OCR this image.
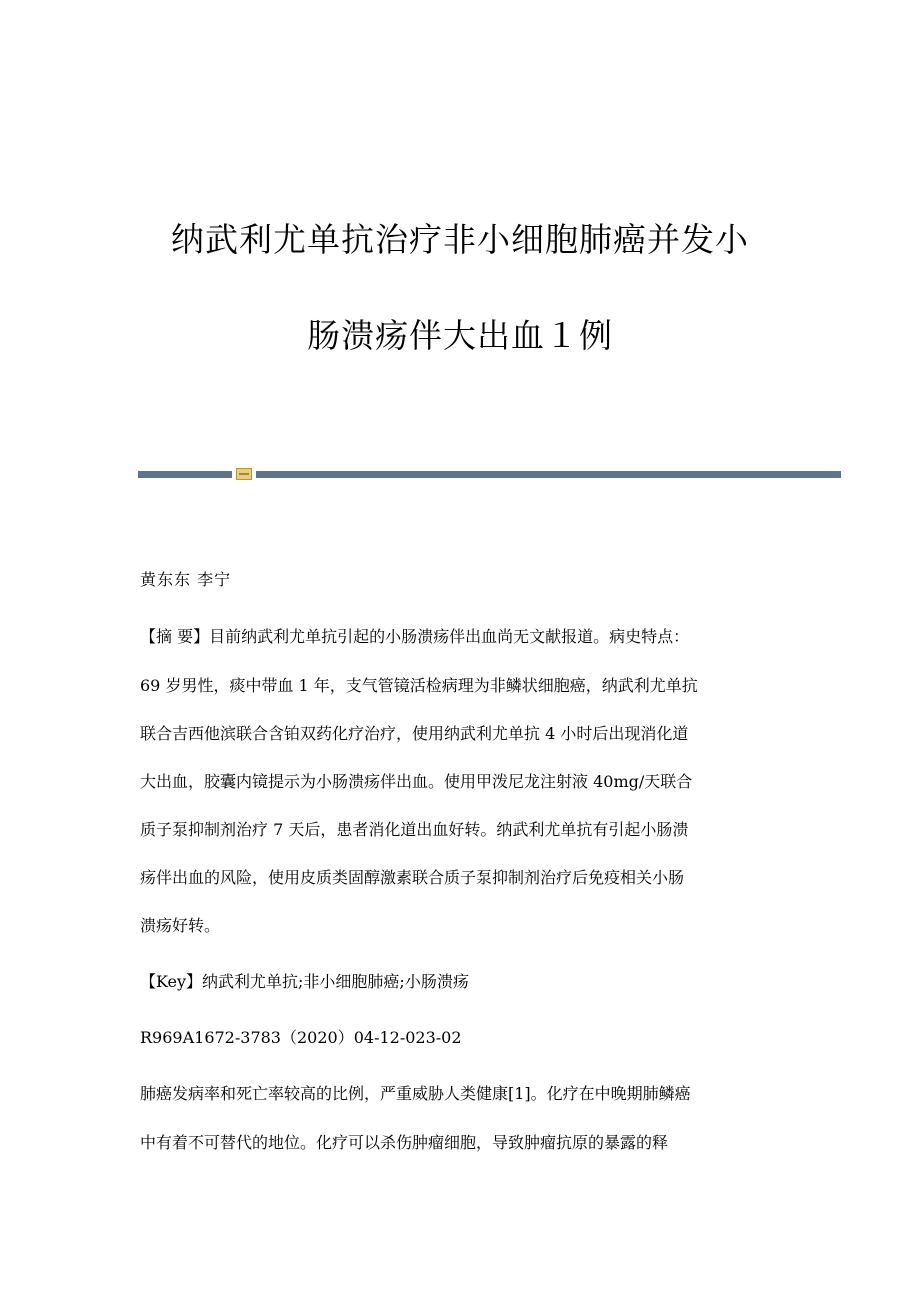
纳武利尤单抗治疗非小细胞肺癌并发小
肠溃疡伴大出血１例

黄东东 李宁

【摘 要】目前纳武利尤单抗引起的小肠溃疡伴出血尚无文献报道。病史特点：

69 岁男性，痰中带血 1 年，支气管镜活检病理为非鳞状细胞癌，纳武利尤单抗

联合吉西他滨联合含铂双药化疗治疗，使用纳武利尤单抗 4 小时后出现消化道

大出血，胶囊内镜提示为小肠溃疡伴出血。使用甲泼尼龙注射液 40mg/天联合

质子泵抑制剂治疗 7 天后，患者消化道出血好转。纳武利尤单抗有引起小肠溃

疡伴出血的风险，使用皮质类固醇激素联合质子泵抑制剂治疗后免疫相关小肠

溃疡好转。

【Key】纳武利尤单抗;非小细胞肺癌;小肠溃疡

R969A1672-3783（2020）04-12-023-02

肺癌发病率和死亡率较高的比例，严重威胁人类健康[1]。化疗在中晚期肺鳞癌

中有着不可替代的地位。化疗可以杀伤肿瘤细胞，导致肿瘤抗原的暴露的释
